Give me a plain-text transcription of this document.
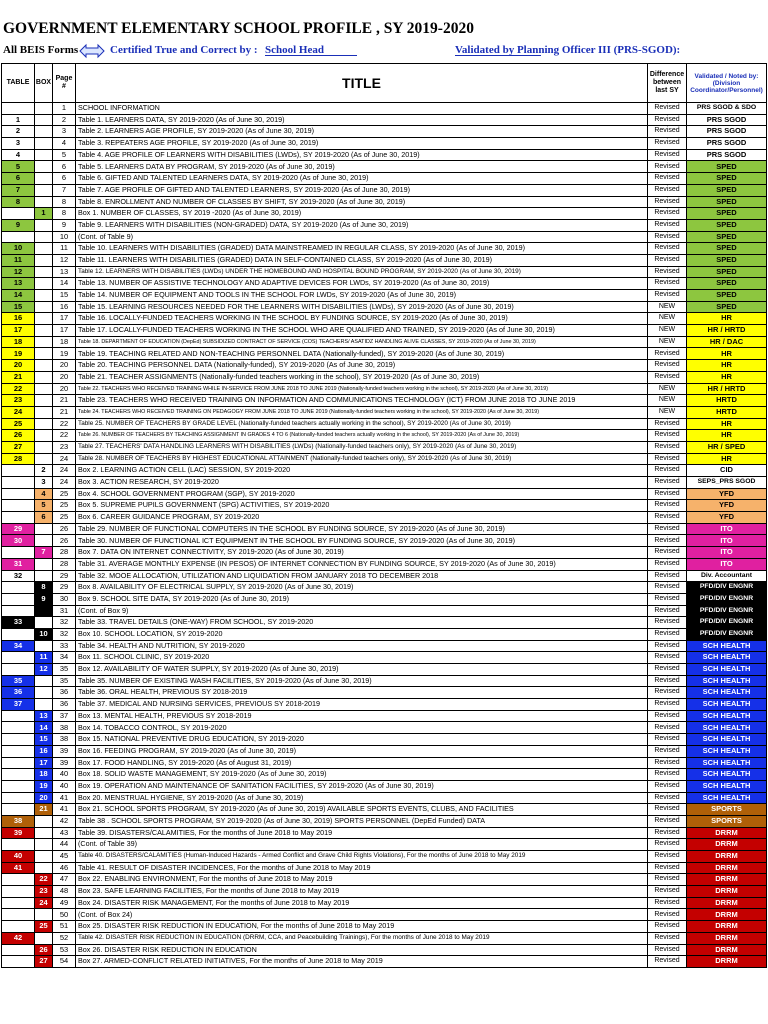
GOVERNMENT ELEMENTARY SCHOOL PROFILE , SY 2019-2020
All BEIS Forms	Certified True and Correct by : School Head	Validated by Planning Officer III (PRS-SGOD):
TABLE	BOX	Page #	TITLE	Difference between last SY	Validated / Noted by: (Division Coordinator/Personnel)
		1	SCHOOL INFORMATION	Revised	PRS SGOD & SDO
1		2	Table 1. LEARNERS DATA, SY 2019-2020 (As of June 30, 2019)	Revised	PRS SGOD
2		3	Table 2. LEARNERS AGE PROFILE, SY 2019-2020 (As of June 30, 2019)	Revised	PRS SGOD
3		4	Table 3. REPEATERS AGE PROFILE, SY 2019-2020 (As of June 30, 2019)	Revised	PRS SGOD
4		5	Table 4. AGE PROFILE OF LEARNERS WITH DISABILITIES (LWDs), SY 2019-2020 (As of June 30, 2019)	Revised	PRS SGOD
5		6	Table 5. LEARNERS DATA BY PROGRAM, SY 2019-2020 (As of June 30, 2019)	Revised	SPED
6		6	Table 6. GIFTED AND TALENTED LEARNERS DATA, SY 2019-2020 (As of June 30, 2019)	Revised	SPED
7		7	Table 7. AGE PROFILE OF GIFTED AND TALENTED LEARNERS, SY 2019-2020 (As of June 30, 2019)	Revised	SPED
8		8	Table 8. ENROLLMENT AND NUMBER OF CLASSES BY SHIFT, SY 2019-2020 (As of June 30, 2019)	Revised	SPED
	1	8	Box 1. NUMBER OF CLASSES, SY 2019 -2020 (As of June 30, 2019)	Revised	SPED
9		9	Table 9. LEARNERS WITH DISABILITIES (NON-GRADED) DATA, SY 2019-2020 (As of June 30, 2019)	Revised	SPED
		10	(Cont. of Table 9)	Revised	SPED
10		11	Table 10. LEARNERS WITH DISABILITIES (GRADED) DATA MAINSTREAMED IN REGULAR CLASS, SY 2019-2020 (As of June 30, 2019)	Revised	SPED
11		12	Table 11. LEARNERS WITH DISABILITIES (GRADED) DATA IN SELF-CONTAINED CLASS, SY 2019-2020 (As of June 30, 2019)	Revised	SPED
12		13	Table 12. LEARNERS WITH DISABILITIES (LWDs) UNDER THE HOMEBOUND AND HOSPITAL BOUND PROGRAM, SY 2019-2020 (As of June 30, 2019)	Revised	SPED
13		14	Table 13. NUMBER OF ASSISTIVE TECHNOLOGY AND ADAPTIVE DEVICES FOR LWDs, SY 2019-2020 (As of June 30, 2019)	Revised	SPED
14		15	Table 14. NUMBER OF EQUIPMENT AND TOOLS IN THE SCHOOL FOR LWDs, SY 2019-2020 (As of June 30, 2019)	Revised	SPED
15		16	Table 15. LEARNING RESOURCES NEEDED FOR THE LEARNERS WITH DISABILITIES (LWDs), SY 2019-2020 (As of June 30, 2019)	NEW	SPED
16		17	Table 16. LOCALLY-FUNDED TEACHERS WORKING IN THE SCHOOL BY FUNDING SOURCE, SY 2019-2020 (As of June 30, 2019)	NEW	HR
17		17	Table 17. LOCALLY-FUNDED TEACHERS WORKING IN THE SCHOOL WHO ARE QUALIFIED AND TRAINED, SY 2019-2020 (As of June 30, 2019)	NEW	HR / HRTD
18		18	Table 18. DEPARTMENT OF EDUCATION (DepEd) SUBSIDIZED CONTRACT OF SERVICE (COS) TEACHERS/ ASATIDZ HANDLING ALIVE CLASSES, SY 2019-2020 (As of June 30, 2019)	NEW	HR / DAC
19		19	Table 19. TEACHING RELATED AND NON-TEACHING PERSONNEL DATA (Nationally-funded), SY 2019-2020 (As of June 30, 2019)	Revised	HR
20		20	Table 20. TEACHING PERSONNEL DATA (Nationally-funded), SY 2019-2020 (As of June 30, 2019)	Revised	HR
21		20	Table 21. TEACHER ASSIGNMENTS (Nationally-funded teachers working in the school), SY 2019-2020 (As of June 30, 2019)	Revised	HR
22		20	Table 22. TEACHERS WHO RECEIVED TRAINING WHILE IN-SERVICE FROM JUNE 2018 TO JUNE 2019 (Nationally-funded teachers working in the school), SY 2019-2020 (As of June 30, 2019)	NEW	HR / HRTD
23		21	Table 23. TEACHERS WHO RECEIVED TRAINING ON INFORMATION AND COMMUNICATIONS TECHNOLOGY (ICT) FROM JUNE 2018 TO JUNE 2019	NEW	HRTD
24		21	Table 24. TEACHERS WHO RECEIVED TRAINING ON PEDAGOGY FROM JUNE 2018 TO JUNE 2019 (Nationally-funded teachers working in the school), SY 2019-2020 (As of June 30, 2019)	NEW	HRTD
25		22	Table 25. NUMBER OF TEACHERS BY GRADE LEVEL (Nationally-funded teachers actually working in the school), SY 2019-2020 (As of June 30, 2019)	Revised	HR
26		22	Table 26. NUMBER OF TEACHERS BY TEACHING ASSIGNMENT IN GRADES 4 TO 6 (Nationally-funded teachers actually working in the school), SY 2019-2020 (As of June 30, 2019)	Revised	HR
27		23	Table 27. TEACHERS' DATA HANDLING LEARNERS WITH DISABILITIES (LWDs) (Nationally-funded teachers only), SY 2019-2020 (As of June 30, 2019)	Revised	HR / SPED
28		24	Table 28. NUMBER OF TEACHERS BY HIGHEST EDUCATIONAL ATTAINMENT (Nationally-funded teachers only), SY 2019-2020 (As of June 30, 2019)	Revised	HR
	2	24	Box 2. LEARNING ACTION CELL (LAC) SESSION, SY 2019-2020	Revised	CID
	3	24	Box 3. ACTION RESEARCH, SY 2019-2020	Revised	SEPS_PRS SGOD
	4	25	Box 4. SCHOOL GOVERNMENT PROGRAM (SGP), SY 2019-2020	Revised	YFD
	5	25	Box 5. SUPREME PUPILS GOVERNMENT (SPG) ACTIVITIES, SY 2019-2020	Revised	YFD
	6	25	Box 6. CAREER GUIDANCE PROGRAM, SY 2019-2020	Revised	YFD
29		26	Table 29. NUMBER OF FUNCTIONAL COMPUTERS IN THE SCHOOL BY FUNDING SOURCE, SY 2019-2020 (As of June 30, 2019)	Revised	ITO
30		26	Table 30. NUMBER OF FUNCTIONAL ICT EQUIPMENT IN THE SCHOOL BY FUNDING SOURCE, SY 2019-2020 (As of June 30, 2019)	Revised	ITO
	7	28	Box 7. DATA ON INTERNET CONNECTIVITY, SY 2019-2020 (As of June 30, 2019)	Revised	ITO
31		28	Table 31. AVERAGE MONTHLY EXPENSE (IN PESOS) OF INTERNET CONNECTION BY FUNDING SOURCE, SY 2019-2020 (As of June 30, 2019)	Revised	ITO
32		29	Table 32. MOOE ALLOCATION, UTILIZATION AND LIQUIDATION FROM JANUARY 2018 TO DECEMBER 2018	Revised	Div. Accountant
	8	29	Box 8. AVAILABILITY OF ELECTRICAL SUPPLY, SY 2019-2020 (As of June 30, 2019)	Revised	PFD/DIV ENGNR
	9	30	Box 9. SCHOOL SITE DATA, SY 2019-2020 (As of June 30, 2019)	Revised	PFD/DIV ENGNR
		31	(Cont. of Box 9)	Revised	PFD/DIV ENGNR
33		32	Table 33. TRAVEL DETAILS (ONE-WAY) FROM SCHOOL, SY 2019-2020	Revised	PFD/DIV ENGNR
	10	32	Box 10. SCHOOL LOCATION, SY 2019-2020	Revised	PFD/DIV ENGNR
34		33	Table 34. HEALTH AND NUTRITION, SY 2019-2020	Revised	SCH HEALTH
	11	34	Box 11. SCHOOL CLINIC, SY 2019-2020	Revised	SCH HEALTH
	12	35	Box 12. AVAILABILITY OF WATER SUPPLY, SY 2019-2020 (As of June 30, 2019)	Revised	SCH HEALTH
35		35	Table 35. NUMBER OF EXISTING WASH FACILITIES, SY 2019-2020 (As of June 30, 2019)	Revised	SCH HEALTH
36		36	Table 36. ORAL HEALTH, PREVIOUS SY 2018-2019	Revised	SCH HEALTH
37		36	Table 37. MEDICAL AND NURSING SERVICES, PREVIOUS SY 2018-2019	Revised	SCH HEALTH
	13	37	Box 13. MENTAL HEALTH, PREVIOUS SY 2018-2019	Revised	SCH HEALTH
	14	38	Box 14. TOBACCO CONTROL, SY 2019-2020	Revised	SCH HEALTH
	15	38	Box 15. NATIONAL PREVENTIVE DRUG EDUCATION, SY 2019-2020	Revised	SCH HEALTH
	16	39	Box 16. FEEDING PROGRAM, SY 2019-2020 (As of June 30, 2019)	Revised	SCH HEALTH
	17	39	Box 17. FOOD HANDLING, SY 2019-2020 (As of August 31, 2019)	Revised	SCH HEALTH
	18	40	Box 18. SOLID WASTE MANAGEMENT, SY 2019-2020 (As of June 30, 2019)	Revised	SCH HEALTH
	19	40	Box 19. OPERATION AND MAINTENANCE OF SANITATION FACILITIES, SY 2019-2020 (As of June 30, 2019)	Revised	SCH HEALTH
	20	41	Box 20. MENSTRUAL HYGIENE, SY 2019-2020 (As of June 30, 2019)	Revised	SCH HEALTH
	21	41	Box 21. SCHOOL SPORTS PROGRAM, SY 2019-2020 (As of June 30, 2019) AVAILABLE SPORTS EVENTS, CLUBS, AND FACILITIES	Revised	SPORTS
38		42	Table 38 . SCHOOL SPORTS PROGRAM, SY 2019-2020 (As of June 30, 2019) SPORTS PERSONNEL (DepEd Funded) DATA	Revised	SPORTS
39		43	Table 39. DISASTERS/CALAMITIES, For the months of June 2018 to May 2019	Revised	DRRM
		44	(Cont. of Table 39)	Revised	DRRM
40		45	Table 40. DISASTERS/CALAMITIES (Human-Induced Hazards - Armed Conflict and Grave Child Rights Violations), For the months of June 2018 to May 2019	Revised	DRRM
41		46	Table 41. RESULT OF DISASTER INCIDENCES, For the months of June 2018 to May 2019	Revised	DRRM
	22	47	Box 22. ENABLING ENVIRONMENT, For the months of June 2018 to May 2019	Revised	DRRM
	23	48	Box 23. SAFE LEARNING FACILITIES, For the months of June 2018 to May 2019	Revised	DRRM
	24	49	Box 24. DISASTER RISK MANAGEMENT, For the months of June 2018 to May 2019	Revised	DRRM
		50	(Cont. of Box 24)	Revised	DRRM
	25	51	Box 25. DISASTER RISK REDUCTION IN EDUCATION, For the months of June 2018 to May 2019	Revised	DRRM
42		52	Table 42. DISASTER RISK REDUCTION IN EDUCATION (DRRM, CCA, and Peacebuilding Trainings), For the months of June 2018 to May 2019	Revised	DRRM
	26	53	Box 26. DISASTER RISK REDUCTION IN EDUCATION	Revised	DRRM
	27	54	Box 27. ARMED-CONFLICT RELATED INITIATIVES, For the months of June 2018 to May 2019	Revised	DRRM
